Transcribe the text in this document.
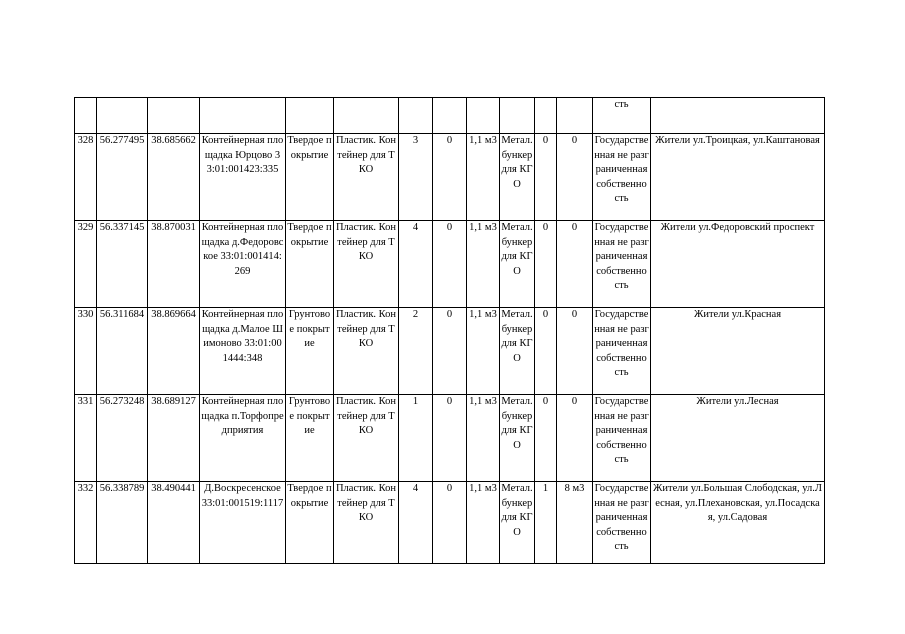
												сть	

328	56.277495	38.685662	Контейнерная площадка Юрцово 33:01:001423:335	Твердое покрытие	Пластик. Контейнер для ТКО	3	0	1,1 м3	Метал. бункер для КГО	0	0	Государственная не разграниченная собственность	Жители ул.Троицкая, ул.Каштановая
329	56.337145	38.870031	Контейнерная площадка д.Федоровское 33:01:001414:269	Твердое покрытие	Пластик. Контейнер для ТКО	4	0	1,1 м3	Метал. бункер для КГО	0	0	Государственная не разграниченная собственность	Жители ул.Федоровский проспект
330	56.311684	38.869664	Контейнерная площадка д.Малое Шимоново 33:01:001444:348	Грунтовое покрытие	Пластик. Контейнер для ТКО	2	0	1,1 м3	Метал. бункер для КГО	0	0	Государственная не разграниченная собственность	Жители ул.Красная
331	56.273248	38.689127	Контейнерная площадка п.Торфопредприятия	Грунтовое покрытие	Пластик. Контейнер для ТКО	1	0	1,1 м3	Метал. бункер для КГО	0	0	Государственная не разграниченная собственность	Жители ул.Лесная
332	56.338789	38.490441	Д.Воскресенское 33:01:001519:1117	Твердое покрытие	Пластик. Контейнер для ТКО	4	0	1,1 м3	Метал. бункер для КГО	1	8 м3	Государственная не разграниченная собственность	Жители ул.Большая Слободская, ул.Лесная, ул.Плехановская, ул.Посадская, ул.Садовая
